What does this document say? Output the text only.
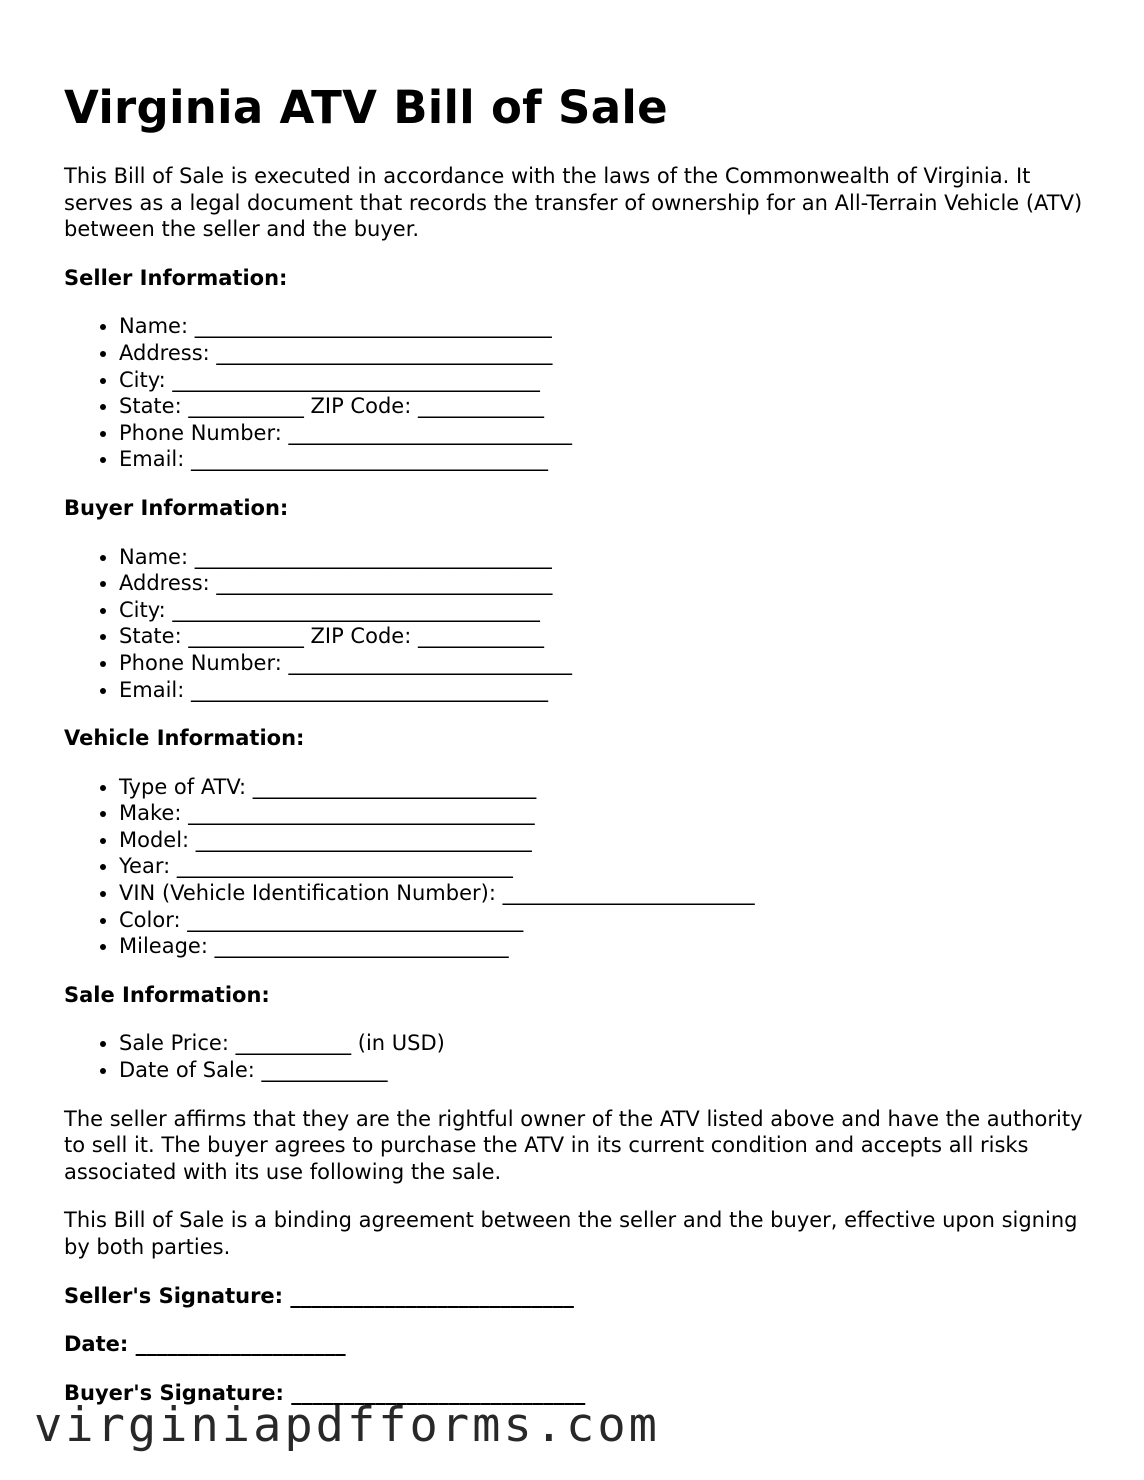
Virginia ATV Bill of Sale

This Bill of Sale is executed in accordance with the laws of the Commonwealth of Virginia. It serves as a legal document that records the transfer of ownership for an All-Terrain Vehicle (ATV) between the seller and the buyer.

Seller Information:
• Name: __________________________________
• Address: ________________________________
• City: ___________________________________
• State: ___________ ZIP Code: ____________
• Phone Number: ___________________________
• Email: __________________________________
Buyer Information:
• Name: __________________________________
• Address: ________________________________
• City: ___________________________________
• State: ___________ ZIP Code: ____________
• Phone Number: ___________________________
• Email: __________________________________
Vehicle Information:
• Type of ATV: ___________________________
• Make: _________________________________
• Model: ________________________________
• Year: ________________________________
• VIN (Vehicle Identification Number): ________________________
• Color: ________________________________
• Mileage: ____________________________
Sale Information:
• Sale Price: ___________ (in USD)
• Date of Sale: ____________

The seller affirms that they are the rightful owner of the ATV listed above and have the authority to sell it. The buyer agrees to purchase the ATV in its current condition and accepts all risks associated with its use following the sale.

This Bill of Sale is a binding agreement between the seller and the buyer, effective upon signing by both parties.

Seller's Signature: ___________________________
Date: ____________________
Buyer's Signature: ____________________________
virginiapdfforms.com
